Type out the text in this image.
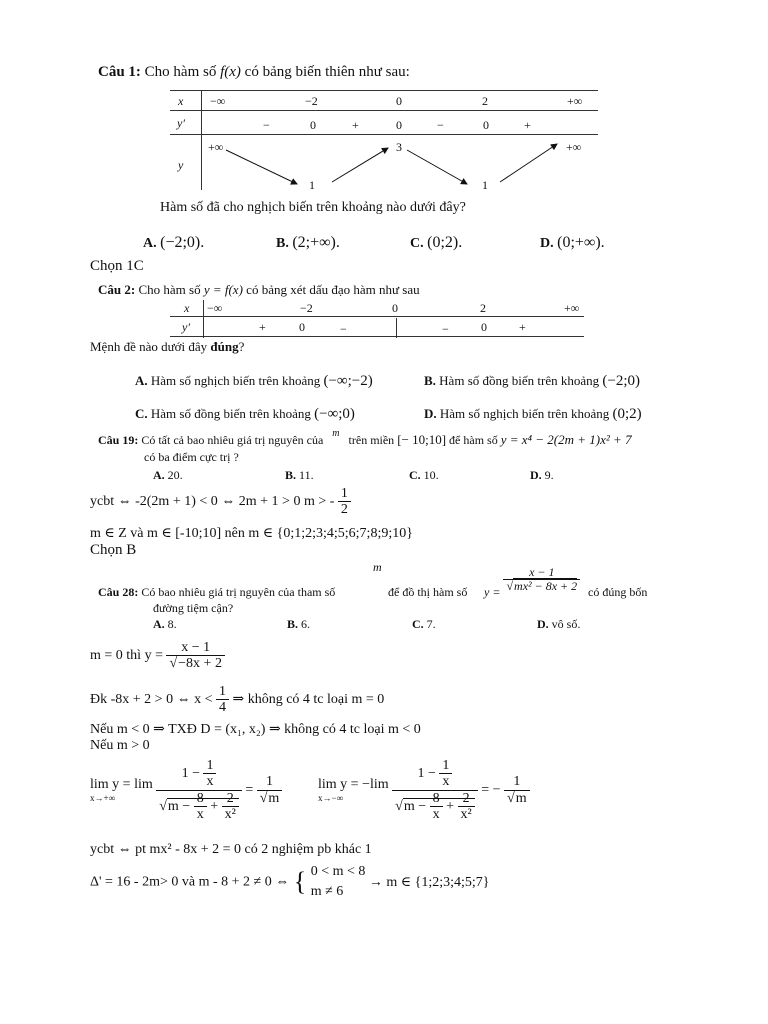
Câu 1: Cho hàm số f(x) có bảng biến thiên như sau:
x −∞	−2	0	2	+∞
y′	−	0	+	0	−	0	+
y
+∞	3	+∞
1	1
Hàm số đã cho nghịch biến trên khoảng nào dưới đây?
A. (−2;0).	B. (2;+∞).	C. (0;2).	D. (0;+∞).
Chọn 1C
Câu 2: Cho hàm số y = f(x) có bảng xét dấu đạo hàm như sau
x −∞	−2	0	2	+∞
y′	+	0	−	−	0	+
Mệnh đề nào dưới đây đúng?
A. Hàm số nghịch biến trên khoảng (−∞;−2)	B. Hàm số đồng biến trên khoảng (−2;0)
C. Hàm số đồng biến trên khoảng (−∞;0)	D. Hàm số nghịch biến trên khoảng (0;2)
Câu 19: Có tất cả bao nhiêu giá trị nguyên của $^m$ trên miền [− 10;10] để hàm số y = x⁴ − 2(2m + 1)x² + 7
có ba điểm cực trị ?
A. 20.	B. 11.	C. 10.	D. 9.
ycbt ⇔ -2(2m + 1) < 0 ⇔ 2m + 1 > 0 m > - $\frac{1}{2}$
m ∈ Z và m ∈ [-10;10] nên m ∈ {0;1;2;3;4;5;6;7;8;9;10}
Chọn B
m
Câu 28: Có bao nhiêu giá trị nguyên của tham số	để đồ thị hàm số $y = \frac{x - 1}{\text{√mx² − 8x + 2}}$ có đúng bốn
đường tiệm cận?
A. 8.	B. 6.	C. 7.	D. vô số.
m = 0 thì $y = \frac{x - 1}{√-8x + 2}$
Đk -8x + 2 > 0 ⇔ $x < \frac{1}{4}$ ⇒ không có 4 tc loại m = 0
Nếu m < 0 ⇒ TXĐ D = (x₁, x₂) ⇒ không có 4 tc loại m < 0
Nếu m > 0
lim y = lim
x→+∞
	$\frac{1 - \frac{1}{x}}{√m - \frac{8}{x} + \frac{2}{\text{x²}}} = \frac{1}{√m}$	lim y = −lim
x→−∞
	$\frac{1 - \frac{1}{x}}{√m - \frac{8}{x} + \frac{2}{\text{x²}}}$ = − $\frac{1}{√m}$
ycbt ⇔ pt mx² - 8x + 2 = 0 có 2 nghiệm pb khác 1
Δ' = 16 - 2m> 0 và m - 8 + 2 ≠ 0 ⇔ { 0 < m < 8
m ≠ 6
→ m ∈ {1;2;3;4;5;7}
